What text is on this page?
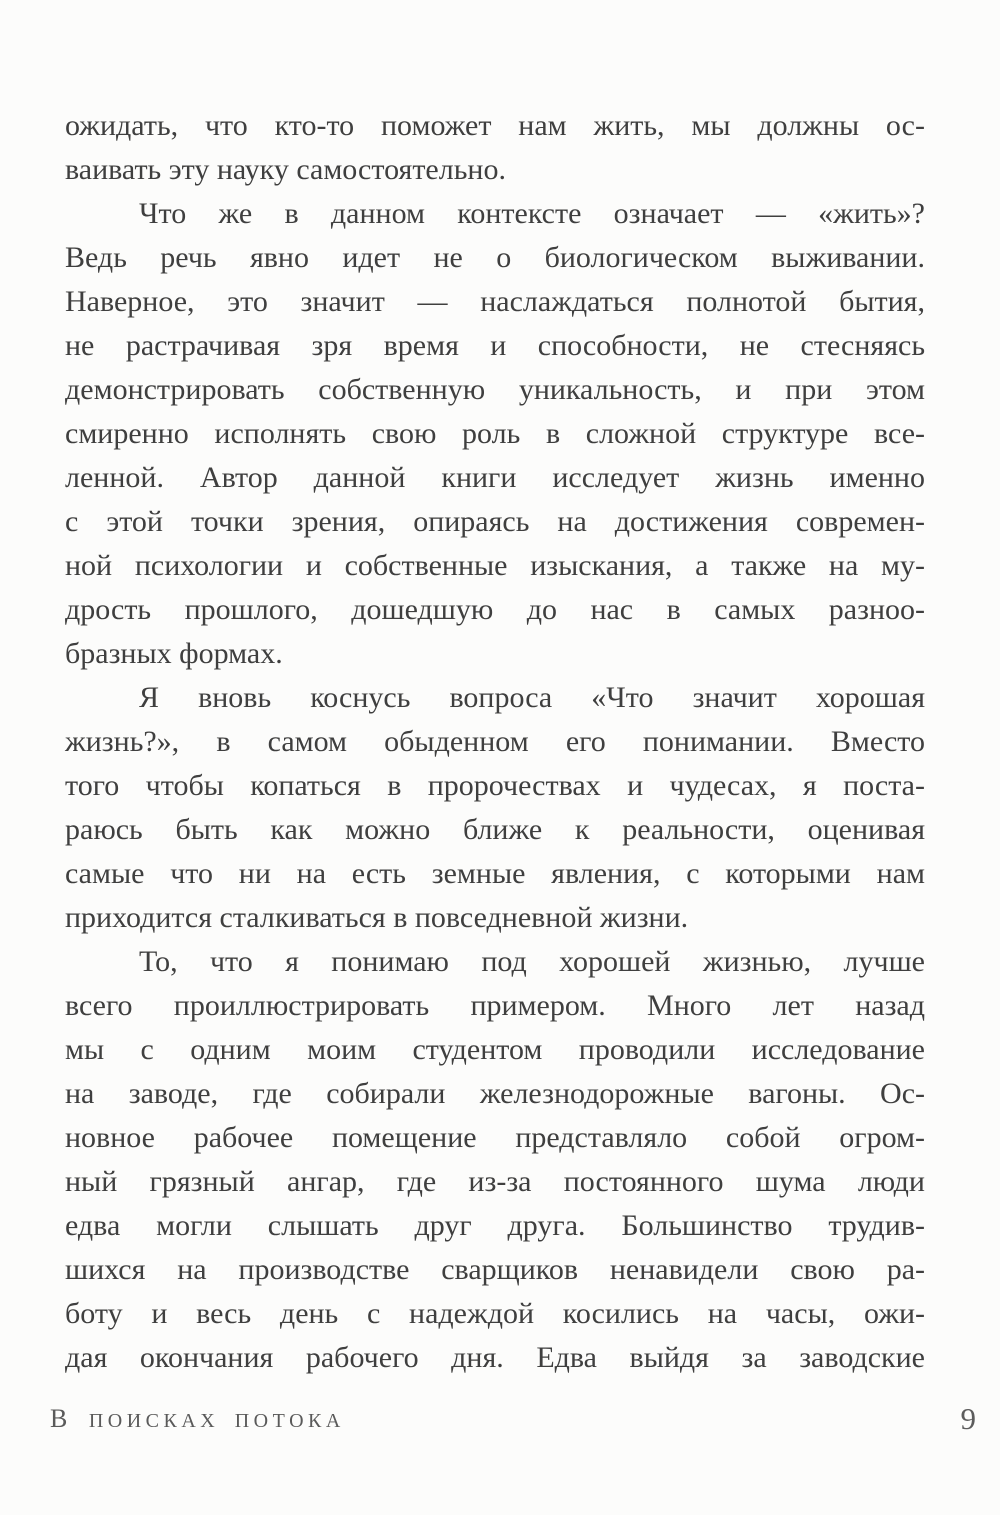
ожидать, что кто-то поможет нам жить, мы должны ос-
ваивать эту науку самостоятельно.
Что же в данном контексте означает — «жить»?
Ведь речь явно идет не о биологическом выживании.
Наверное, это значит — наслаждаться полнотой бытия,
не растрачивая зря время и способности, не стесняясь
демонстрировать собственную уникальность, и при этом
смиренно исполнять свою роль в сложной структуре все-
ленной. Автор данной книги исследует жизнь именно
с этой точки зрения, опираясь на достижения современ-
ной психологии и собственные изыскания, а также на му-
дрость прошлого, дошедшую до нас в самых разноо-
бразных формах.
Я вновь коснусь вопроса «Что значит хорошая
жизнь?», в самом обыденном его понимании. Вместо
того чтобы копаться в пророчествах и чудесах, я поста-
раюсь быть как можно ближе к реальности, оценивая
самые что ни на есть земные явления, с которыми нам
приходится сталкиваться в повседневной жизни.
То, что я понимаю под хорошей жизнью, лучше
всего проиллюстрировать примером. Много лет назад
мы с одним моим студентом проводили исследование
на заводе, где собирали железнодорожные вагоны. Ос-
новное рабочее помещение представляло собой огром-
ный грязный ангар, где из-за постоянного шума люди
едва могли слышать друг друга. Большинство трудив-
шихся на производстве сварщиков ненавидели свою ра-
боту и весь день с надеждой косились на часы, ожи-
дая окончания рабочего дня. Едва выйдя за заводские
В ПОИСКАХ ПОТОКА	9
